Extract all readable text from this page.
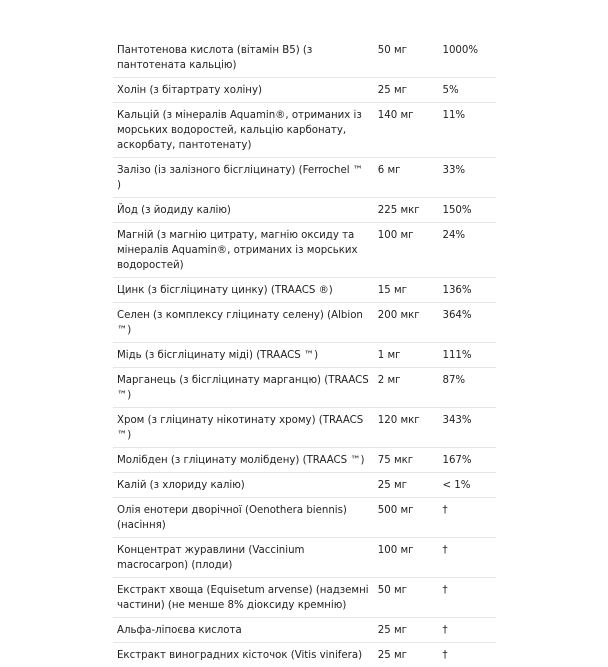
Пантотенова кислота (вітамін B5) (з пантотената кальцію)	50 мг	1000%
Холін (з бітартрату холіну)	25 мг	5%
Кальцій (з мінералів Aquamin®, отриманих із морських водоростей, кальцію карбонату, аскорбату, пантотенату)	140 мг	11%
Залізо (із залізного бісгліцинату) (Ferrochel ™ )	6 мг	33%
Йод (з йодиду калію)	225 мкг	150%
Магній (з магнію цитрату, магнію оксиду та мінералів Aquamin®, отриманих із морських водоростей)	100 мг	24%
Цинк (з бісгліцинату цинку) (TRAACS ®)	15 мг	136%
Селен (з комплексу гліцинату селену) (Albion ™)	200 мкг	364%
Мідь (з бісгліцинату міді) (TRAACS ™)	1 мг	111%
Марганець (з бісгліцинату марганцю) (TRAACS ™)	2 мг	87%
Хром (з гліцинату нікотинату хрому) (TRAACS ™)	120 мкг	343%
Молібден (з гліцинату молібдену) (TRAACS ™)	75 мкг	167%
Калій (з хлориду калію)	25 мг	< 1%
Олія енотери дворічної (Oenothera biennis) (насіння)	500 мг	†
Концентрат журавлини (Vaccinium macrocarpon) (плоди)	100 мг	†
Екстракт хвоща (Equisetum arvense) (надземні частини) (не менше 8% діоксиду кремнію)	50 мг	†
Альфа-ліпоєва кислота	25 мг	†
Екстракт виноградних кісточок (Vitis vinifera)	25 мг	†
